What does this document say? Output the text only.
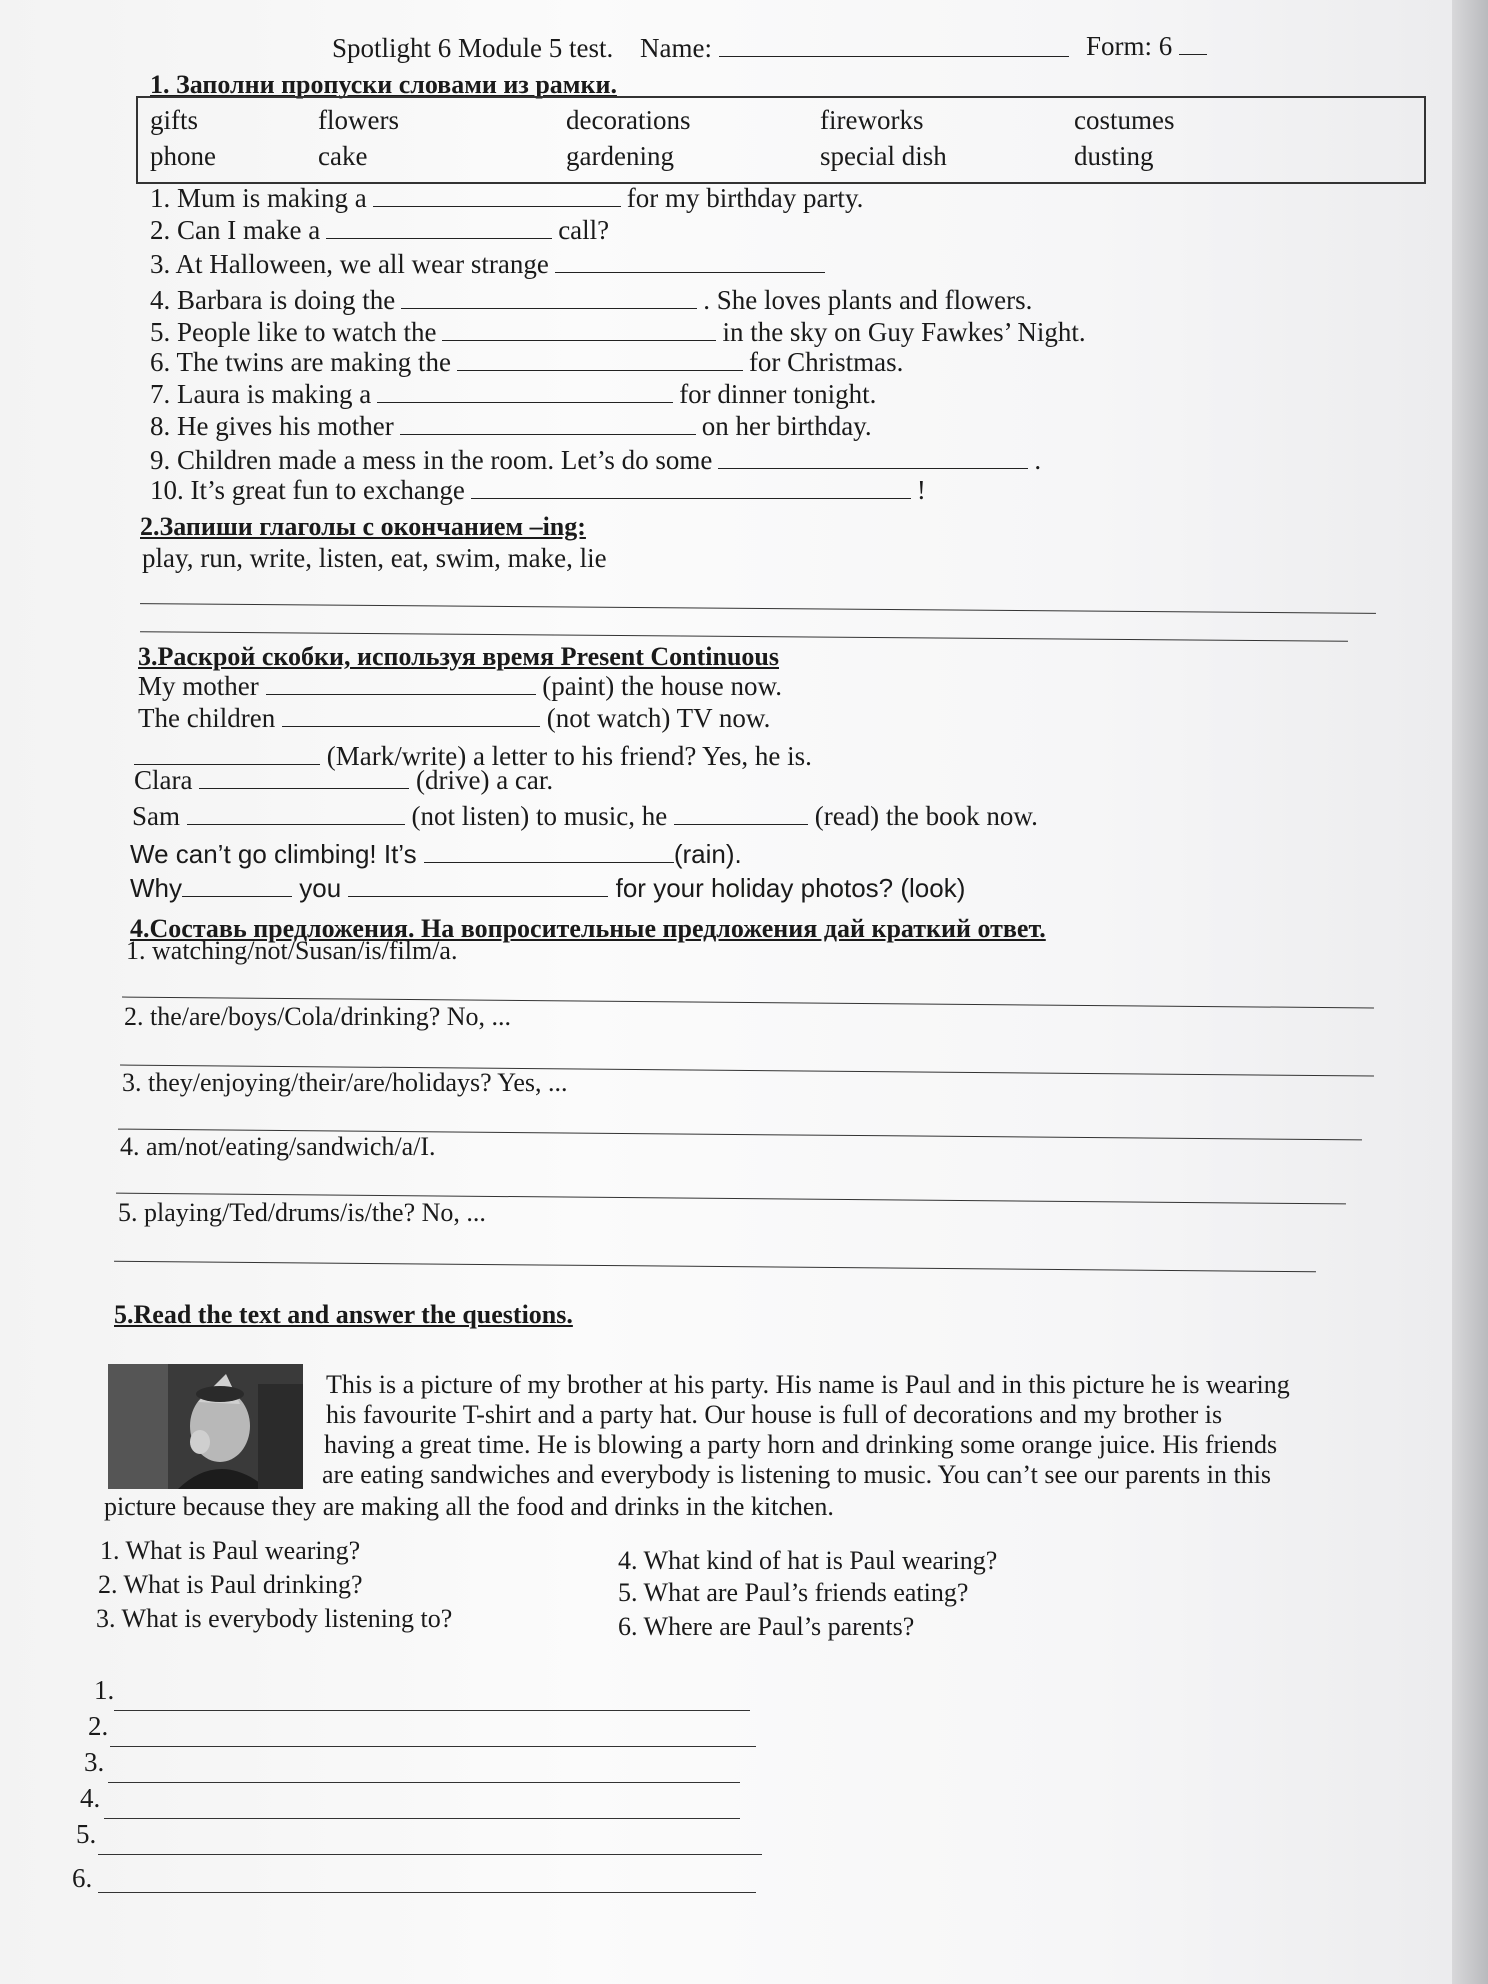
Spotlight 6 Module 5 test. Name:	Form: 6
1. Заполни пропуски словами из рамки.
gifts	flowers	decorations	fireworks	costumes
phone	cake	gardening	special dish	dusting
1. Mum is making a	for my birthday party.
2. Can I make a	call?
3. At Halloween, we all wear strange
4. Barbara is doing the	. She loves plants and flowers.
5. People like to watch the	in the sky on Guy Fawkes’ Night.
6. The twins are making the	for Christmas.
7. Laura is making a	for dinner tonight.
8. He gives his mother	on her birthday.
9. Children made a mess in the room. Let’s do some	.
10. It’s great fun to exchange	!
2.Запиши глаголы с окончанием –ing:
play, run, write, listen, eat, swim, make, lie
3.Раскрой скобки, используя время Present Continuous
My mother	(paint) the house now.
The children	(not watch) TV now.
(Mark/write) a letter to his friend? Yes, he is.
Clara	(drive) a car.
Sam	(not listen) to music, he	(read) the book now.
We can’t go climbing! It’s	(rain).
Why	you	for your holiday photos? (look)
4.Составь предложения. На вопросительные предложения дай краткий ответ.
1. watching/not/Susan/is/film/a.
2. the/are/boys/Cola/drinking? No, ...
3. they/enjoying/their/are/holidays? Yes, ...
4. am/not/eating/sandwich/a/I.
5. playing/Ted/drums/is/the? No, ...
5.Read the text and answer the questions.
This is a picture of my brother at his party. His name is Paul and in this picture he is wearing
his favourite T-shirt and a party hat. Our house is full of decorations and my brother is
having a great time. He is blowing a party horn and drinking some orange juice. His friends
are eating sandwiches and everybody is listening to music. You can’t see our parents in this
picture because they are making all the food and drinks in the kitchen.
1. What is Paul wearing?
2. What is Paul drinking?
3. What is everybody listening to?
4. What kind of hat is Paul wearing?
5. What are Paul’s friends eating?
6. Where are Paul’s parents?
1.
2.
3.
4.
5.
6.
